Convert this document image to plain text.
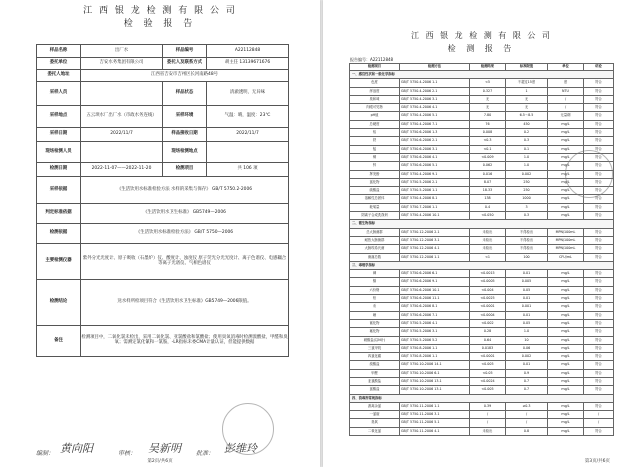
江 西 银 龙 检 测 有 限 公 司
检 验 报 告
样品名称	出厂水	样品编号	A22112848
委托单位	吉安水务集团有限公司	委托人及联系方式	胡主任 13139671676
委托人地址	江西省吉安市吉州区长河南路48号		
采样人员		样品状态	清澈透明，无异味
采样地点	五云坝水厂出厂水（市政水务连线）	采样环境	气温：晴，温度：23℃
采样日期	2022/11/7	样品接收日期	2022/11/7
现场检测人员		现场检测地点	
检测日期	2022-11-07——2022-11-20	检测项目	共 106 项
采样依据	《生活饮用水标准检验方法 水样的采集与保存》 GB/T 5750.2-2006		
判定标准依据	《生活饮用水卫生标准》 GB5749—2006		
检测依据	《生活饮用水标准检验方法》 GB/T 5750—2006		
主要检测仪器	紫外分光光度计、原子吸收（石墨炉）仪、酸度计、浊度仪 原子荧光分光光度计、离子色谱仪、电感耦合等离子光谱仪、气相色谱仪		
检测结论	送水样所检项目符合《生活饮用水卫生标准》GB5749—2006限值。		
备注	检测项目中，二氧化氯未检出，采用二氧化氯、亚氯酸盐和氯酸盐；使用臭氧消毒时检测溴酸盐，甲醛和臭氧；需测定氯化氰和一氯胺，-LR指标未委CMA计量认证，但能提供数据		
编制： 黄向阳	审核： 吴新明	批准： 彭维玲
第2页/共6页
江 西 银 龙 检 测 有 限 公 司
检 测 报 告
报告编号：A22112848
检测项目	检测方法	检测结果	标准限值	单位	结论
一、感官性状和一般化学指标					
色度	GB/T 5750.4-2006 1.1	<5	不超过15度	度	符合
浑浊度	GB/T 5750.4-2006 2.1	0.327	1	NTU	符合
臭和味	GB/T 5750.4-2006 3.1	无	无	/	符合
肉眼可见物	GB/T 5750.4-2006 4.1	无	无	/	符合
pH值	GB/T 5750.4-2006 5.1	7.80	6.5～8.5	无量纲	符合
总硬度	GB/T 5750.4-2006 7.1	76	450	mg/L	符合
铝	GB/T 5750.6-2006 1.3	0.008	0.2	mg/L	符合
铁	GB/T 5750.6-2006 2.1	<0.3	0.3	mg/L	符合
锰	GB/T 5750.6-2006 3.1	<0.1	0.1	mg/L	符合
铜	GB/T 5750.6-2006 4.1	<0.009	1.0	mg/L	符合
锌	GB/T 5750.6-2006 5.1	0.062	1.0	mg/L	符合
挥发酚	GB/T 5750.4-2006 9.1	0.016	0.002	mg/L	符合
氯化物	GB/T 5750.5-2006 2.1	8.07	250	mg/L	符合
硫酸盐	GB/T 5750.5-2006 1.1	18.33	250	mg/L	符合
溶解性总固体	GB/T 5750.4-2006 8.1	138	1000	mg/L	符合
耗氧量	GB/T 5750.7-2006 1.1	0.4	3	mg/L	符合
阴离子合成洗涤剂	GB/T 5750.4-2006 10.1	<0.050	0.3	mg/L	符合
二、微生物指标					
总大肠菌群	GB/T 5750.12-2006 2.1	未检出	不得检出	MPN/100mL	符合
耐热大肠菌群	GB/T 5750.12-2006 3.1	未检出	不得检出	MPN/100mL	符合
大肠埃希氏菌	GB/T 5750.12-2006 4.1	未检出	不得检出	MPN/100mL	符合
菌落总数	GB/T 5750.12-2006 1.1	<1	100	CFU/mL	符合
三、毒理学指标					
砷	GB/T 5750.6-2006 6.1	<0.0015	0.01	mg/L	符合
镉	GB/T 5750.6-2006 9.1	<0.0005	0.005	mg/L	符合
六价铬	GB/T 5750.6-2006 10.1	<0.004	0.05	mg/L	符合
铅	GB/T 5750.6-2006 11.1	<0.0025	0.01	mg/L	符合
汞	GB/T 5750.6-2006 8.1	<0.0001	0.001	mg/L	符合
硒	GB/T 5750.6-2006 7.1	<0.0004	0.01	mg/L	符合
氰化物	GB/T 5750.5-2006 4.1	<0.002	0.05	mg/L	符合
氟化物	GB/T 5750.5-2006 3.1	0.28	1.0	mg/L	符合
硝酸盐(以N计)	GB/T 5750.5-2006 5.2	0.64	10	mg/L	符合
三氯甲烷	GB/T 5750.8-2006 1.1	0.0183	0.06	mg/L	符合
四氯化碳	GB/T 5750.8-2006 1.1	<0.0001	0.002	mg/L	符合
溴酸盐	GB/T 5750.10-2006 14.1	<0.005	0.01	mg/L	符合
甲醛	GB/T 5750.10-2006 6.1	<0.05	0.9	mg/L	符合
亚氯酸盐	GB/T 5750.10-2006 13.1	<0.0024	0.7	mg/L	符合
氯酸盐	GB/T 5750.10-2006 13.1	<0.005	0.7	mg/L	符合
四、消毒剂常规指标					
游离余氯	GB/T 5750.11-2006 1.1	0.39	≥0.3	mg/L	符合
一氯胺	GB/T 5750.11-2006 3.1	/	/	mg/L	/
臭氧	GB/T 5750.11-2006 5.1	/	/	mg/L	/
二氧化氯	GB/T 5750.11-2006 4.1	未检出	0.8	mg/L	符合
第3页/共6页
